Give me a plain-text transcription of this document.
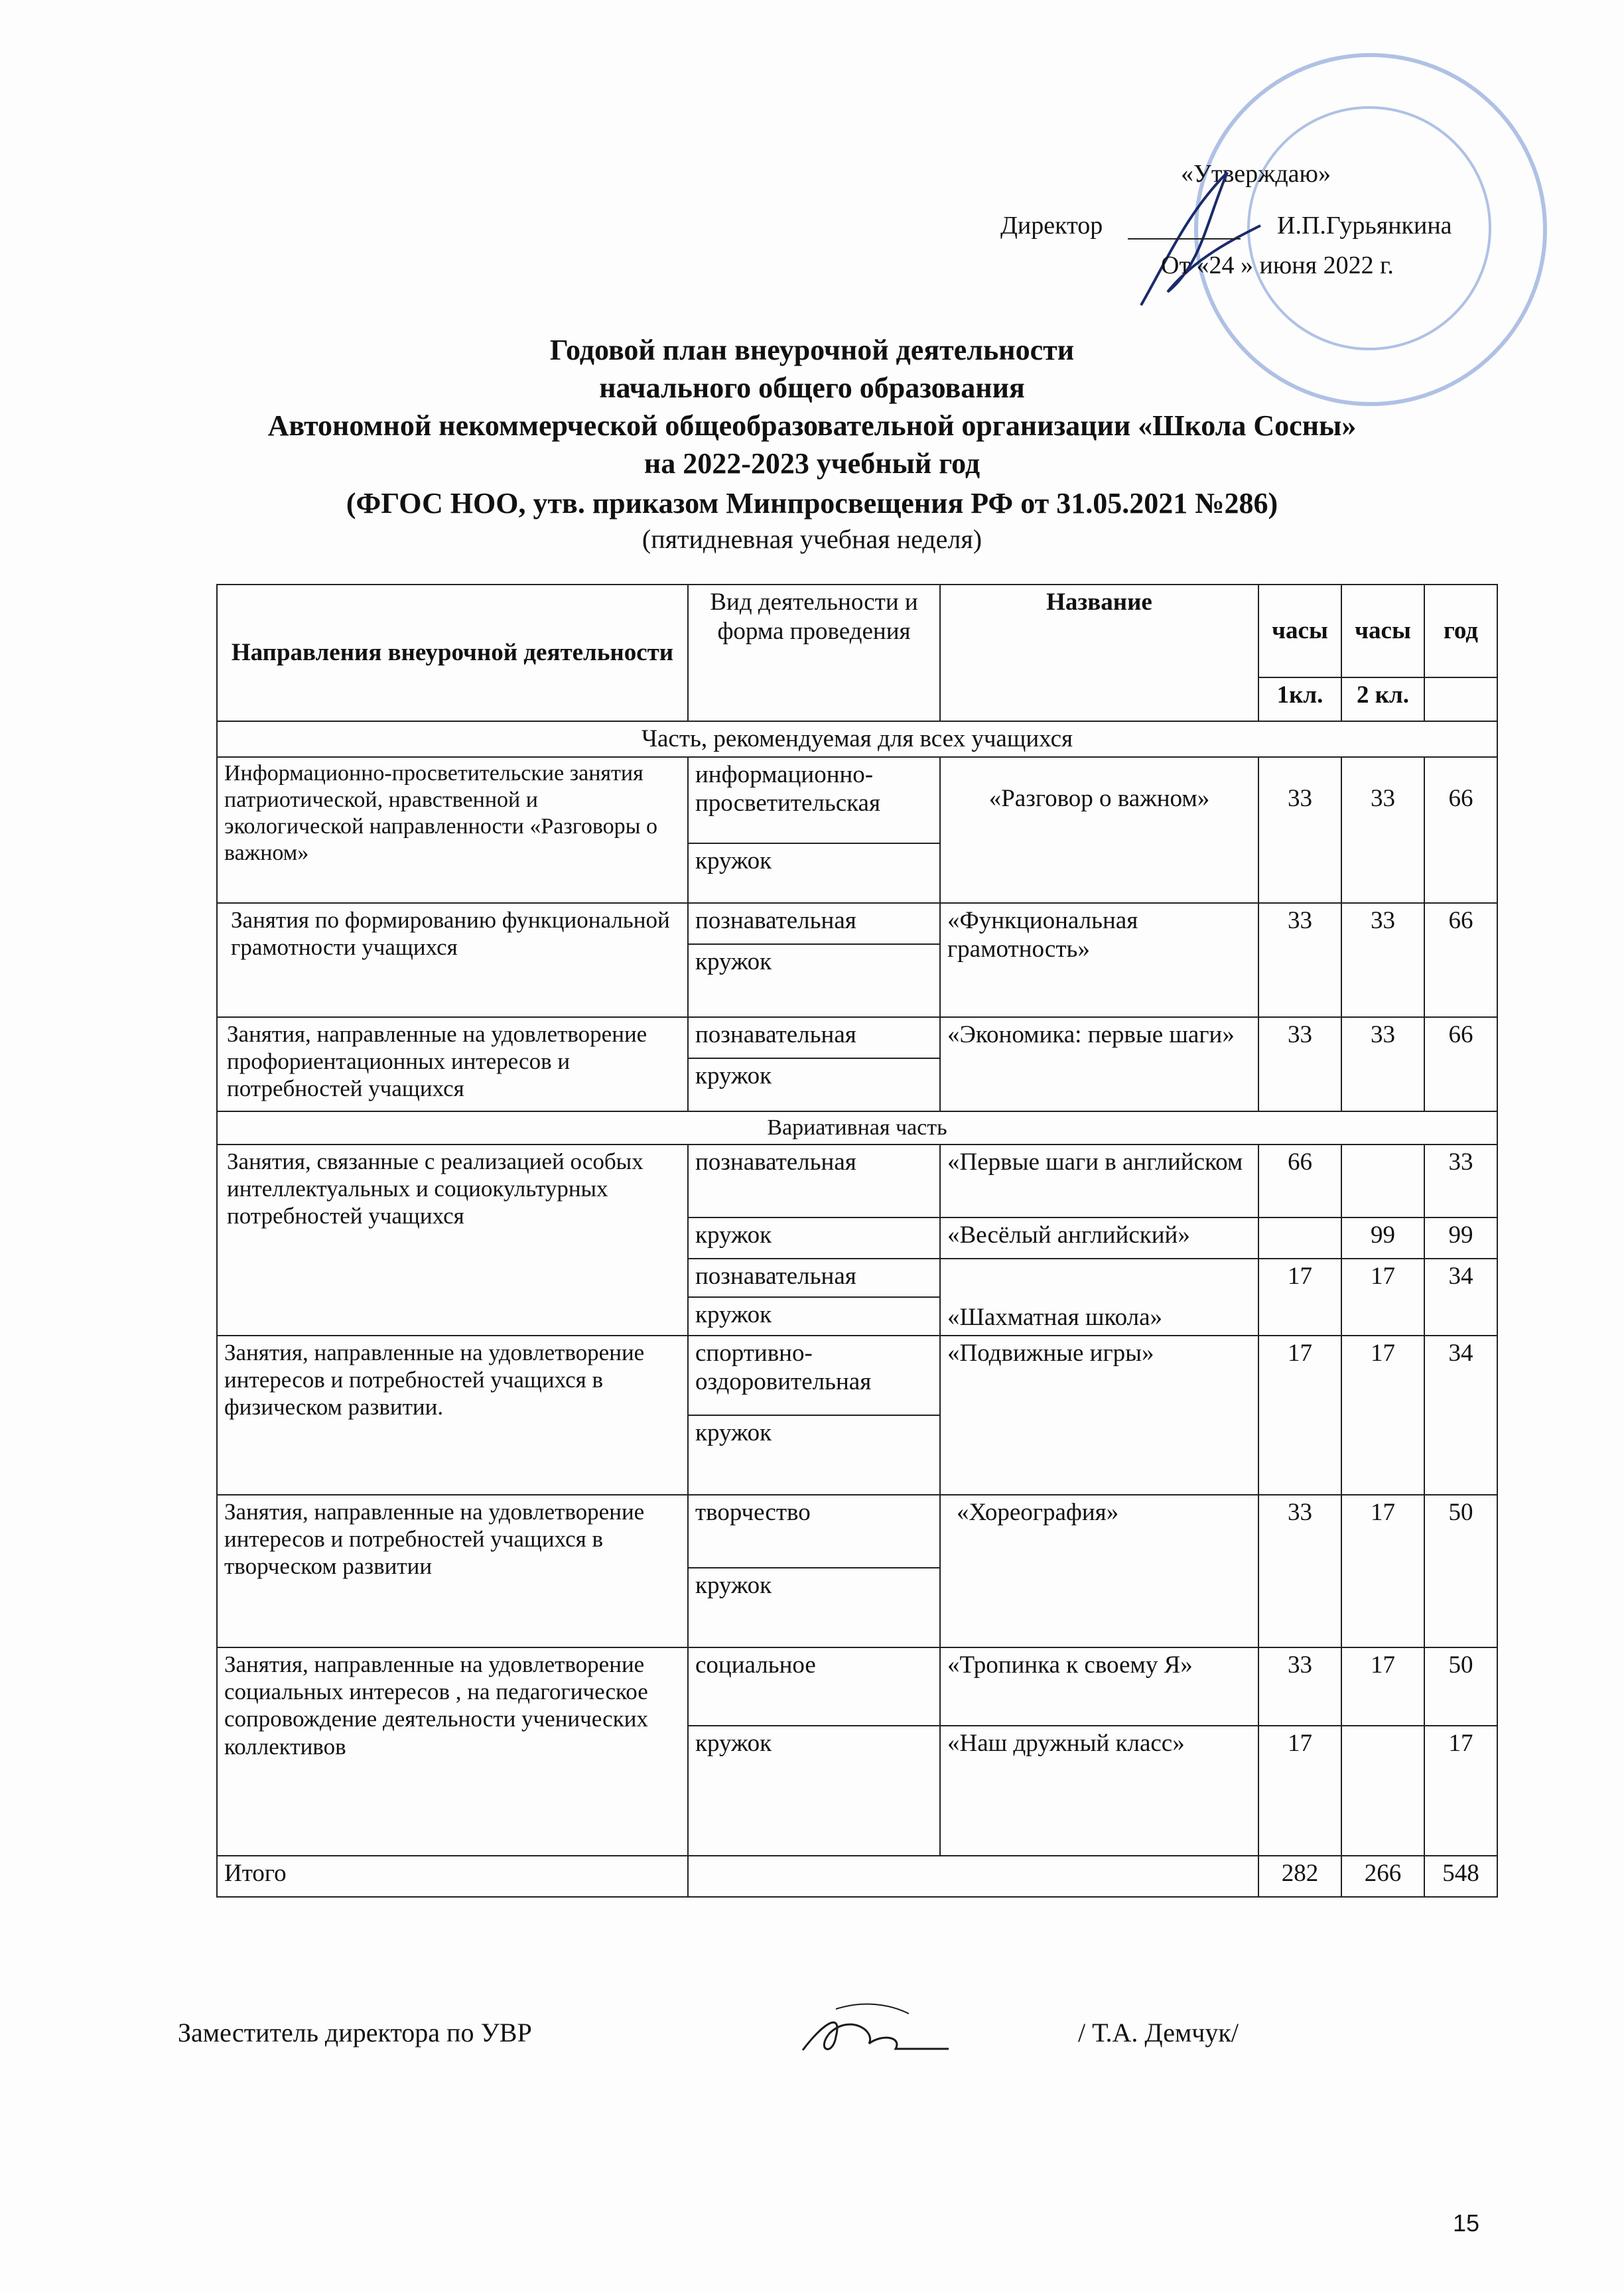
«Утверждаю»
Директор	И.П.Гурьянкина
От «24 » июня 2022 г.
Годовой план внеурочной деятельности
начального общего образования
Автономной некоммерческой общеобразовательной организации «Школа Сосны»
на 2022-2023 учебный год
(ФГОС НОО, утв. приказом Минпросвещения РФ от 31.05.2021 №286)
(пятидневная учебная неделя)
Направления внеурочной деятельности	Вид деятельности и форма проведения	Название	часы	часы	год
			1кл.	2 кл.	
Часть, рекомендуемая для всех учащихся					
Информационно-просветительские занятия патриотической, нравственной и экологической направленности «Разговоры о важном»	информационно-просветительская	«Разговор о важном»	33	33	66
	кружок				
Занятия по формированию функциональной грамотности учащихся	познавательная	«Функциональная грамотность»	33	33	66
	кружок				
Занятия, направленные на удовлетворение профориентационных интересов и потребностей учащихся	познавательная	«Экономика: первые шаги»	33	33	66
	кружок				
Вариативная часть					
Занятия, связанные с реализацией особых интеллектуальных и социокультурных потребностей учащихся	познавательная	«Первые шаги в английском	66		33
	кружок	«Весёлый английский»		99	99
	познавательная	«Шахматная школа»	17	17	34
	кружок				
Занятия, направленные на удовлетворение интересов и потребностей учащихся в физическом развитии.	спортивно-оздоровительная	«Подвижные игры»	17	17	34
	кружок				
Занятия, направленные на удовлетворение интересов и потребностей учащихся в творческом развитии	творчество	«Хореография»	33	17	50
	кружок				
Занятия, направленные на удовлетворение социальных интересов , на педагогическое сопровождение деятельности ученических коллективов	социальное	«Тропинка к своему Я»	33	17	50
	кружок	«Наш дружный класс»	17		17
Итого			282	266	548
Заместитель директора по УВР	/ Т.А. Демчук/
15
